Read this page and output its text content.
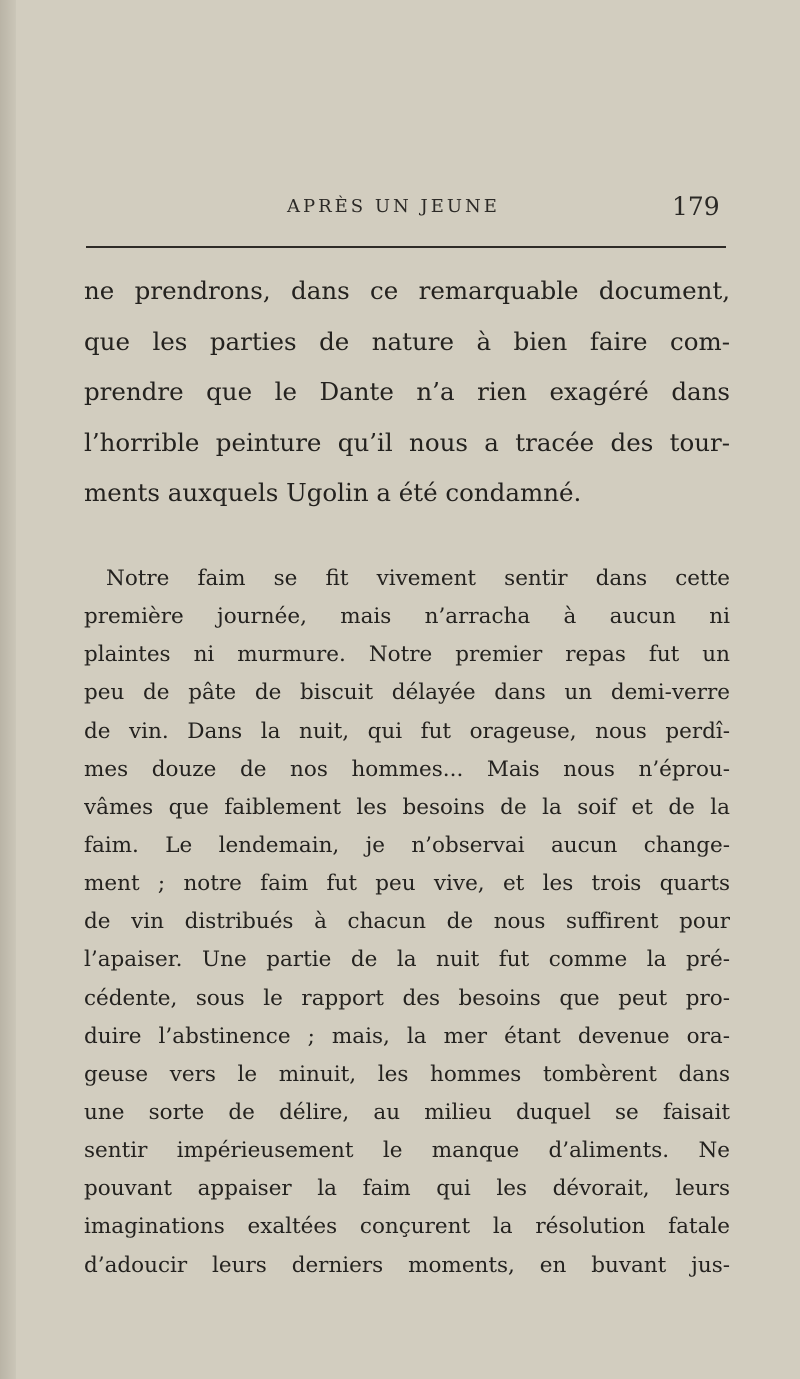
APRÈS UN JEUNE	179
ne prendrons, dans ce remarquable document,
que les parties de nature à bien faire com-
prendre que le Dante n’a rien exagéré dans
l’horrible peinture qu’il nous a tracée des tour-
ments auxquels Ugolin a été condamné.
Notre faim se fit vivement sentir dans cette
première journée, mais n’arracha à aucun ni
plaintes ni murmure. Notre premier repas fut un
peu de pâte de biscuit délayée dans un demi-verre
de vin. Dans la nuit, qui fut orageuse, nous perdî-
mes douze de nos hommes... Mais nous n’éprou-
vâmes que faiblement les besoins de la soif et de la
faim. Le lendemain, je n’observai aucun change-
ment ; notre faim fut peu vive, et les trois quarts
de vin distribués à chacun de nous suffirent pour
l’apaiser. Une partie de la nuit fut comme la pré-
cédente, sous le rapport des besoins que peut pro-
duire l’abstinence ; mais, la mer étant devenue ora-
geuse vers le minuit, les hommes tombèrent dans
une sorte de délire, au milieu duquel se faisait
sentir impérieusement le manque d’aliments. Ne
pouvant appaiser la faim qui les dévorait, leurs
imaginations exaltées conçurent la résolution fatale
d’adoucir leurs derniers moments, en buvant jus-
